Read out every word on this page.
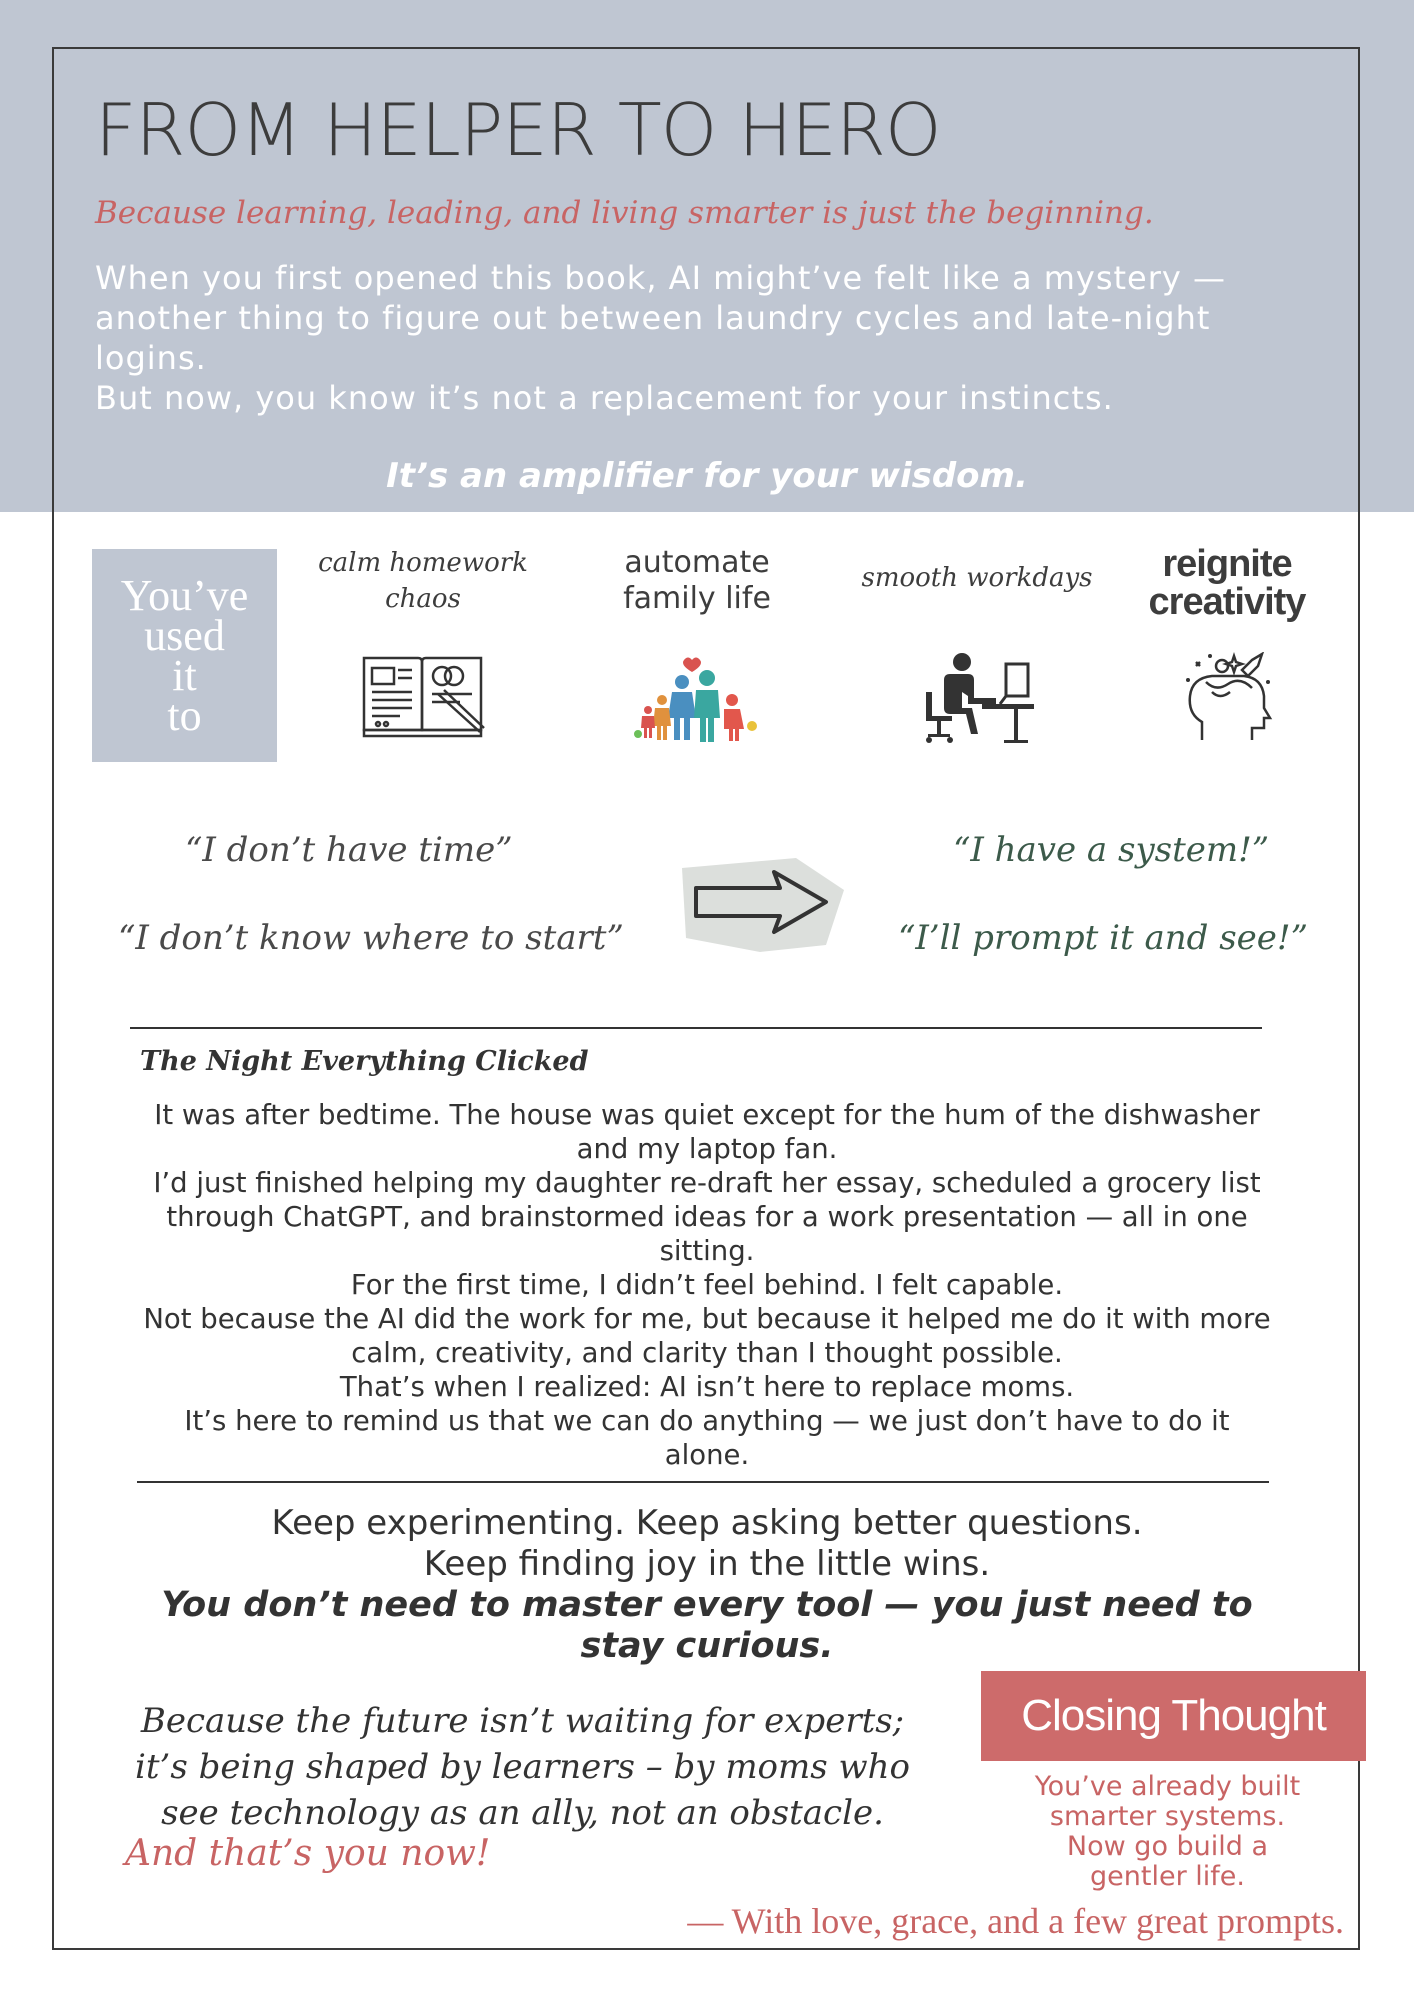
FROM HELPER TO HERO
Because learning, leading, and living smarter is just the beginning.

When you first opened this book, AI might’ve felt like a mystery — another thing to figure out between laundry cycles and late-night logins.

But now, you know it’s not a replacement for your instincts.

It’s an amplifier for your wisdom.
You’ve
used
it
to
calm homework
chaos
automate
family life
smooth workdays	reignite
creativity
“I don’t have time”
“I don’t know where to start”
“I have a system!”
“I’ll prompt it and see!”
The Night Everything Clicked

It was after bedtime. The house was quiet except for the hum of the dishwasher and my laptop fan.

I’d just finished helping my daughter re-draft her essay, scheduled a grocery list through ChatGPT, and brainstormed ideas for a work presentation — all in one sitting.

For the first time, I didn’t feel behind. I felt capable.

Not because the AI did the work for me, but because it helped me do it with more calm, creativity, and clarity than I thought possible.

That’s when I realized: AI isn’t here to replace moms.

It’s here to remind us that we can do anything — we just don’t have to do it alone.

Keep experimenting. Keep asking better questions.

Keep finding joy in the little wins.

You don’t need to master every tool — you just need to stay curious.

Because the future isn’t waiting for experts;

it’s being shaped by learners – by moms who

see technology as an ally, not an obstacle.

And that’s you now!
Closing Thought

You’ve already built

smarter systems.

Now go build a

gentler life.

— With love, grace, and a few great prompts.
